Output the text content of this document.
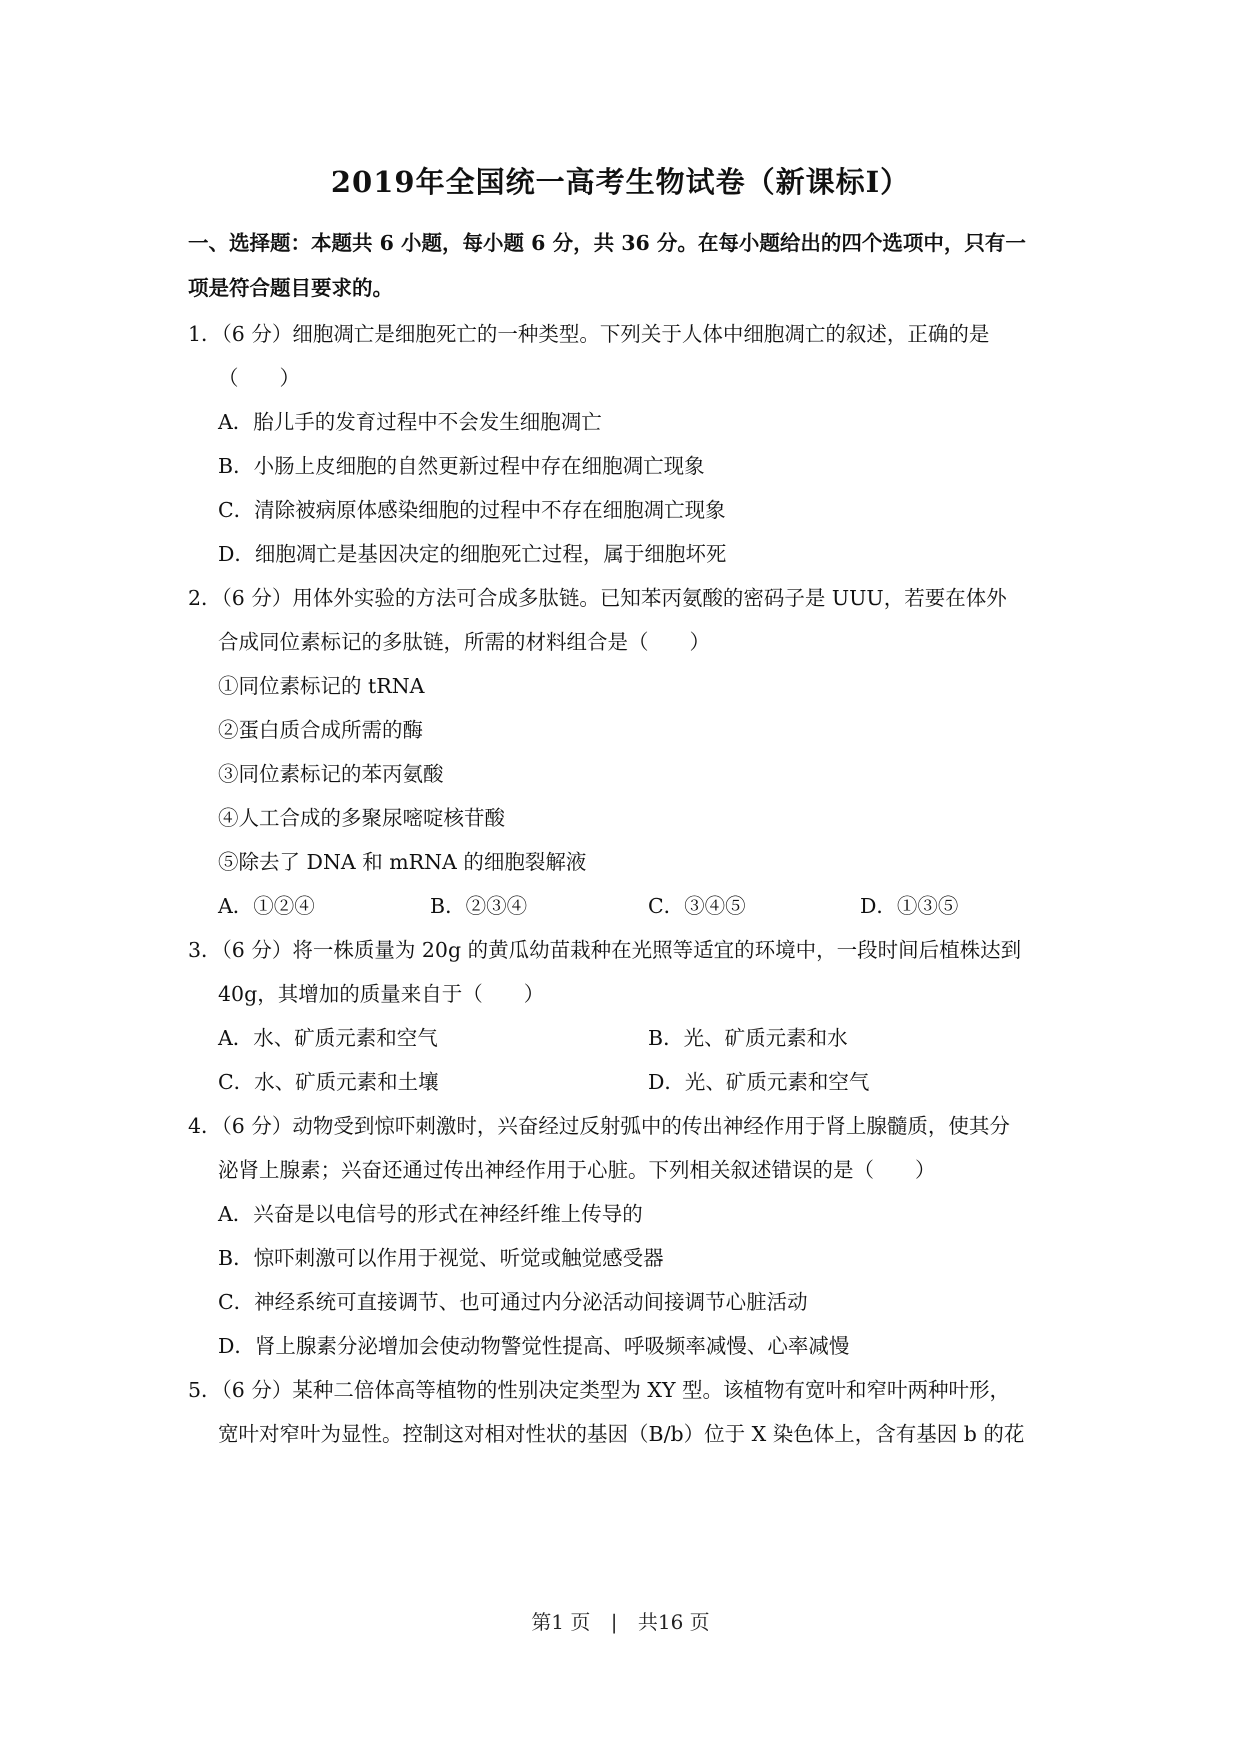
2019年全国统一高考生物试卷（新课标Ⅰ）
一、选择题：本题共 6 小题，每小题 6 分，共 36 分。在每小题给出的四个选项中，只有一
项是符合题目要求的。
1．（6 分）细胞凋亡是细胞死亡的一种类型。下列关于人体中细胞凋亡的叙述，正确的是
（　　）
A．胎儿手的发育过程中不会发生细胞凋亡
B．小肠上皮细胞的自然更新过程中存在细胞凋亡现象
C．清除被病原体感染细胞的过程中不存在细胞凋亡现象
D．细胞凋亡是基因决定的细胞死亡过程，属于细胞坏死
2．（6 分）用体外实验的方法可合成多肽链。已知苯丙氨酸的密码子是 UUU，若要在体外
合成同位素标记的多肽链，所需的材料组合是（　　）
①同位素标记的 tRNA
②蛋白质合成所需的酶
③同位素标记的苯丙氨酸
④人工合成的多聚尿嘧啶核苷酸
⑤除去了 DNA 和 mRNA 的细胞裂解液
A．①②④	B．②③④	C．③④⑤	D．①③⑤
3．（6 分）将一株质量为 20g 的黄瓜幼苗栽种在光照等适宜的环境中，一段时间后植株达到
40g，其增加的质量来自于（　　）
A．水、矿质元素和空气	B．光、矿质元素和水
C．水、矿质元素和土壤	D．光、矿质元素和空气
4．（6 分）动物受到惊吓刺激时，兴奋经过反射弧中的传出神经作用于肾上腺髓质，使其分
泌肾上腺素；兴奋还通过传出神经作用于心脏。下列相关叙述错误的是（　　）
A．兴奋是以电信号的形式在神经纤维上传导的
B．惊吓刺激可以作用于视觉、听觉或触觉感受器
C．神经系统可直接调节、也可通过内分泌活动间接调节心脏活动
D．肾上腺素分泌增加会使动物警觉性提高、呼吸频率减慢、心率减慢
5．（6 分）某种二倍体高等植物的性别决定类型为 XY 型。该植物有宽叶和窄叶两种叶形，
宽叶对窄叶为显性。控制这对相对性状的基因（B/b）位于 X 染色体上，含有基因 b 的花
第1 页 | 共16 页
